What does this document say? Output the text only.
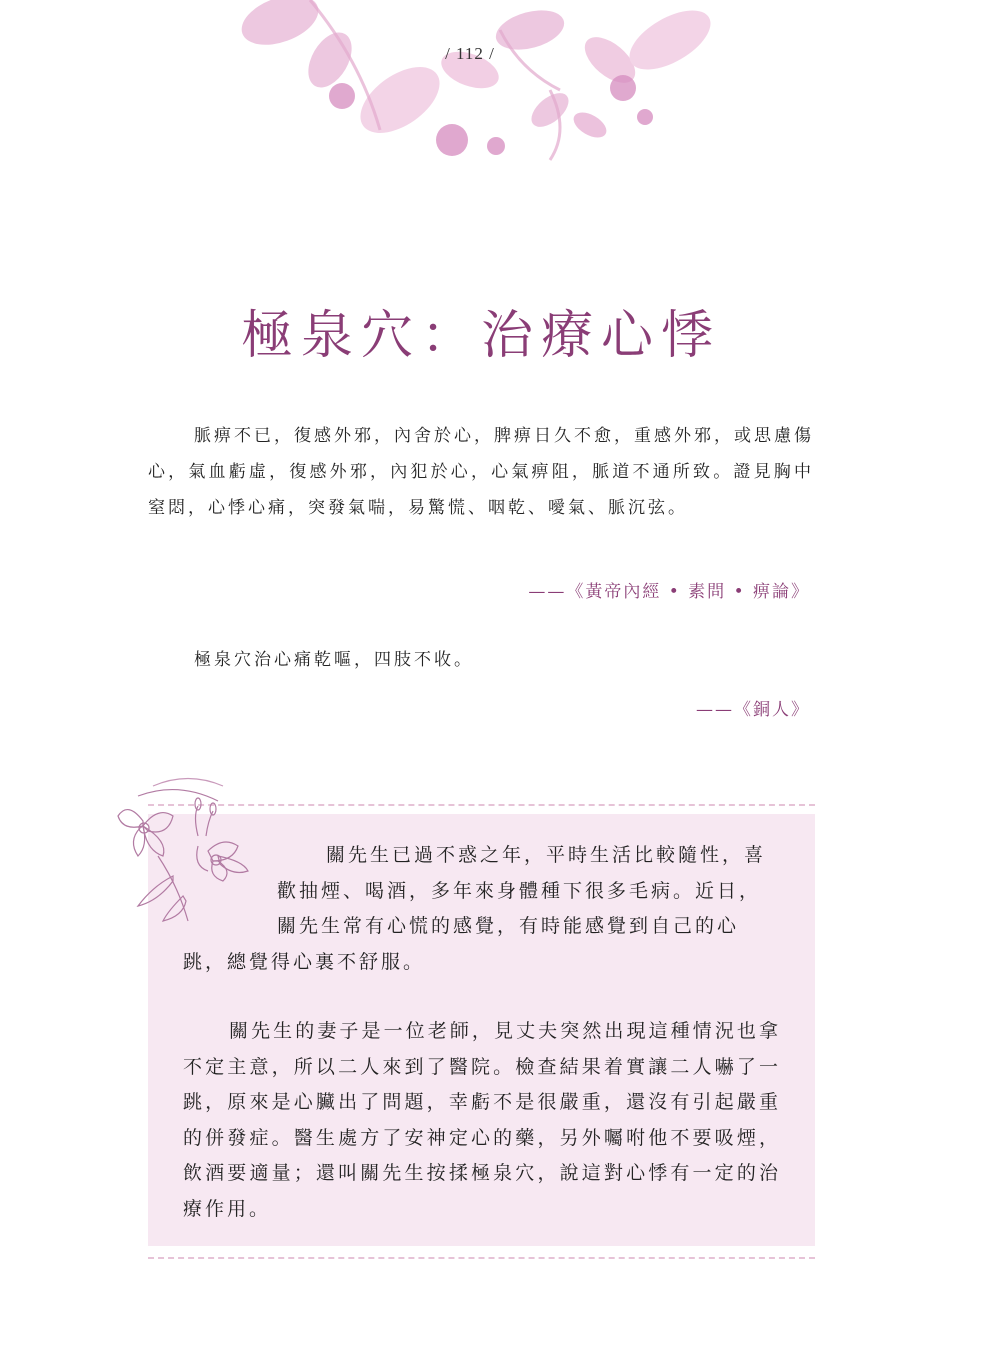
/ 112 /
極泉穴：治療心悸

脈痹不已，復感外邪，內舍於心，脾痹日久不愈，重感外邪，或思慮傷心，氣血虧虛，復感外邪，內犯於心，心氣痹阻，脈道不通所致。證見胸中窒悶，心悸心痛，突發氣喘，易驚慌、咽乾、噯氣、脈沉弦。

——《黃帝內經 • 素問 • 痹論》

極泉穴治心痛乾嘔，四肢不收。

——《銅人》
關先生已過不惑之年，平時生活比較隨性，喜
歡抽煙、喝酒，多年來身體種下很多毛病。近日，
關先生常有心慌的感覺，有時能感覺到自己的心
跳，總覺得心裏不舒服。

關先生的妻子是一位老師，見丈夫突然出現這種情況也拿不定主意，所以二人來到了醫院。檢查結果着實讓二人嚇了一跳，原來是心臟出了問題，幸虧不是很嚴重，還沒有引起嚴重的併發症。醫生處方了安神定心的藥，另外囑咐他不要吸煙，飲酒要適量；還叫關先生按揉極泉穴，說這對心悸有一定的治療作用。
